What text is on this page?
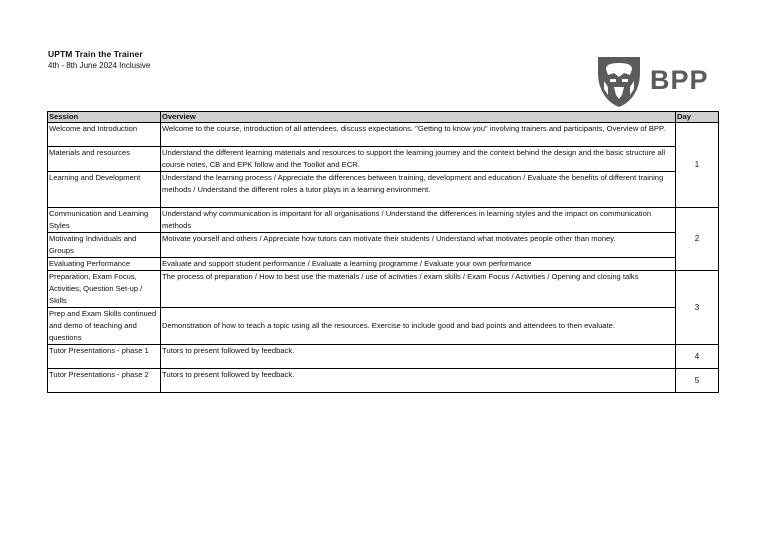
UPTM Train the Trainer
4th - 8th June 2024 Inclusive	BPP
Session	Overview	Day
Welcome and Introduction	Welcome to the course, introduction of all attendees, discuss expectations. "Getting to know you" involving trainers and participants, Overview of BPP.	1
Materials and resources	Understand the different learning materials and resources to support the learning journey and the context behind the design and the basic structure all course notes, CB and EPK follow and the Toolkit and ECR.	
Learning and Development	Understand the learning process / Appreciate the differences between training, development and education / Evaluate the benefits of different training methods / Understand the different roles a tutor plays in a learning environment.	
Communication and Learning Styles	Understand why communication is important for all organisations / Understand the differences in learning styles and the impact on communication methods	2
Motivating Individuals and Groups	Motivate yourself and others / Appreciate how tutors can motivate their students / Understand what motivates people other than money.	
Evaluating Performance	Evaluate and support student performance / Evaluate a learning programme / Evaluate your own performance	
Preparation, Exam Focus, Activities, Question Set-up / Skills	The process of preparation / How to best use the materials / use of activities / exam skills / Exam Focus / Activities / Opening and closing talks	3
Prep and Exam Skills continued and demo of teaching and questions	Demonstration of how to teach a topic using all the resources. Exercise to include good and bad points and attendees to then evaluate.	
Tutor Presentations - phase 1	Tutors to present followed by feedback.	4
Tutor Presentations - phase 2	Tutors to present followed by feedback.	5
